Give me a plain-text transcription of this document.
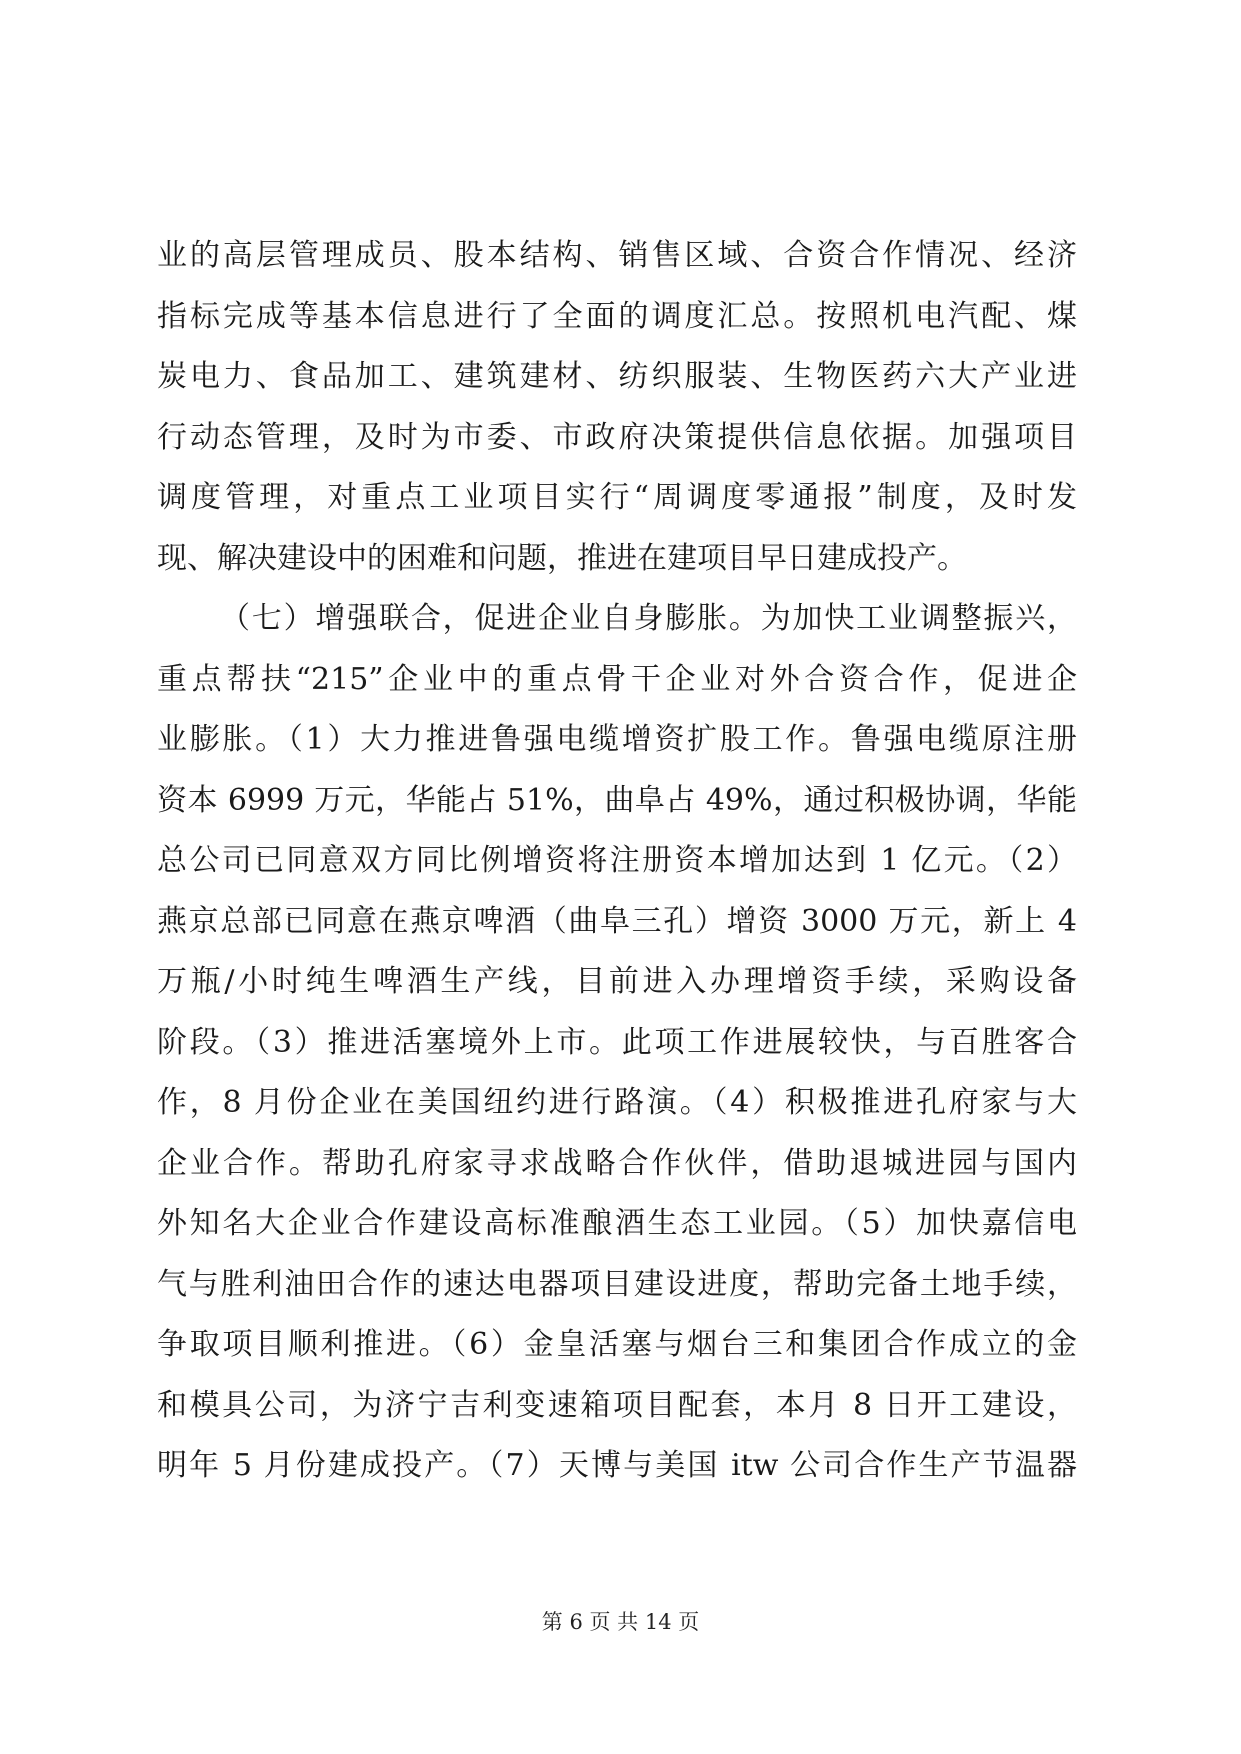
业的高层管理成员、股本结构、销售区域、合资合作情况、经济
指标完成等基本信息进行了全面的调度汇总。按照机电汽配、煤
炭电力、食品加工、建筑建材、纺织服装、生物医药六大产业进
行动态管理，及时为市委、市政府决策提供信息依据。加强项目
调度管理，对重点工业项目实行“周调度零通报”制度，及时发
现、解决建设中的困难和问题，推进在建项目早日建成投产。
（七）增强联合，促进企业自身膨胀。为加快工业调整振兴，
重点帮扶“215”企业中的重点骨干企业对外合资合作，促进企
业膨胀。（1）大力推进鲁强电缆增资扩股工作。鲁强电缆原注册
资本 6999 万元，华能占 51%，曲阜占 49%，通过积极协调，华能
总公司已同意双方同比例增资将注册资本增加达到 1 亿元。（2）
燕京总部已同意在燕京啤酒（曲阜三孔）增资 3000 万元，新上 4
万瓶/小时纯生啤酒生产线，目前进入办理增资手续，采购设备
阶段。（3）推进活塞境外上市。此项工作进展较快，与百胜客合
作，8 月份企业在美国纽约进行路演。（4）积极推进孔府家与大
企业合作。帮助孔府家寻求战略合作伙伴，借助退城进园与国内
外知名大企业合作建设高标准酿酒生态工业园。（5）加快嘉信电
气与胜利油田合作的速达电器项目建设进度，帮助完备土地手续，
争取项目顺利推进。（6）金皇活塞与烟台三和集团合作成立的金
和模具公司，为济宁吉利变速箱项目配套，本月 8 日开工建设，
明年 5 月份建成投产。（7）天博与美国 itw 公司合作生产节温器
第 6 页 共 14 页
